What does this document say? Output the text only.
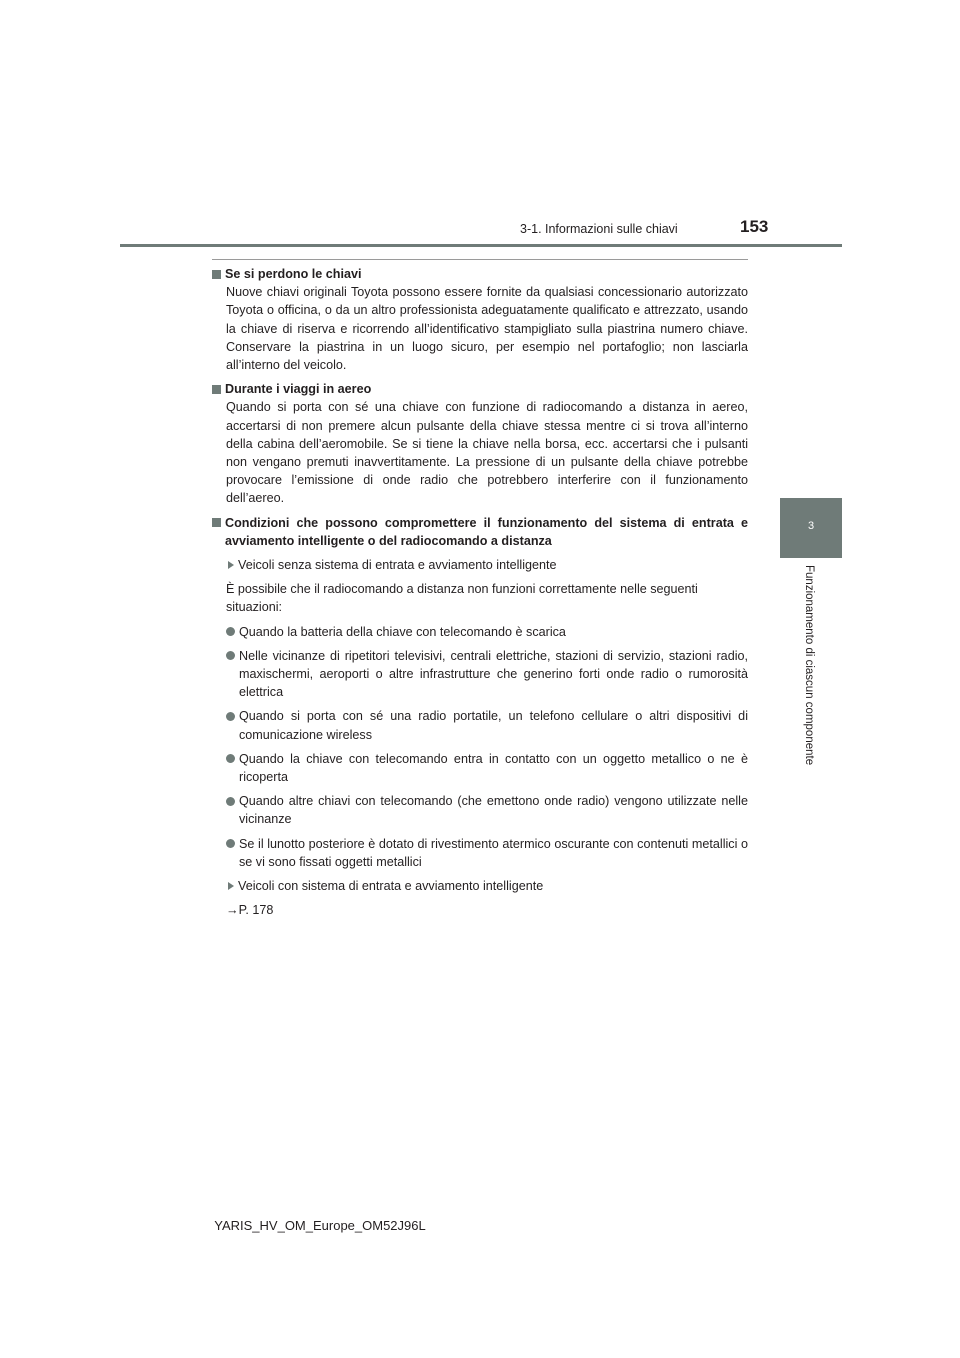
3-1. Informazioni sulle chiavi	153
3
Funzionamento di ciascun componente
Se si perdono le chiavi
Nuove chiavi originali Toyota possono essere fornite da qualsiasi concessionario autorizzato Toyota o officina, o da un altro professionista adeguatamente qualificato e attrezzato, usando la chiave di riserva e ricorrendo all’identificativo stampigliato sulla piastrina numero chiave. Conservare la piastrina in un luogo sicuro, per esempio nel portafoglio; non lasciarla all’interno del veicolo.
Durante i viaggi in aereo
Quando si porta con sé una chiave con funzione di radiocomando a distanza in aereo, accertarsi di non premere alcun pulsante della chiave stessa mentre ci si trova all’interno della cabina dell’aeromobile. Se si tiene la chiave nella borsa, ecc. accertarsi che i pulsanti non vengano premuti inavvertitamente. La pressione di un pulsante della chiave potrebbe provocare l’emissione di onde radio che potrebbero interferire con il funzionamento dell’aereo.
Condizioni che possono compromettere il funzionamento del sistema di entrata e avviamento intelligente o del radiocomando a distanza
Veicoli senza sistema di entrata e avviamento intelligente
È possibile che il radiocomando a distanza non funzioni correttamente nelle seguenti situazioni:
Quando la batteria della chiave con telecomando è scarica
Nelle vicinanze di ripetitori televisivi, centrali elettriche, stazioni di servizio, stazioni radio, maxischermi, aeroporti o altre infrastrutture che generino forti onde radio o rumorosità elettrica
Quando si porta con sé una radio portatile, un telefono cellulare o altri dispositivi di comunicazione wireless
Quando la chiave con telecomando entra in contatto con un oggetto metallico o ne è ricoperta
Quando altre chiavi con telecomando (che emettono onde radio) vengono utilizzate nelle vicinanze
Se il lunotto posteriore è dotato di rivestimento atermico oscurante con contenuti metallici o se vi sono fissati oggetti metallici
Veicoli con sistema di entrata e avviamento intelligente
→P. 178
YARIS_HV_OM_Europe_OM52J96L
